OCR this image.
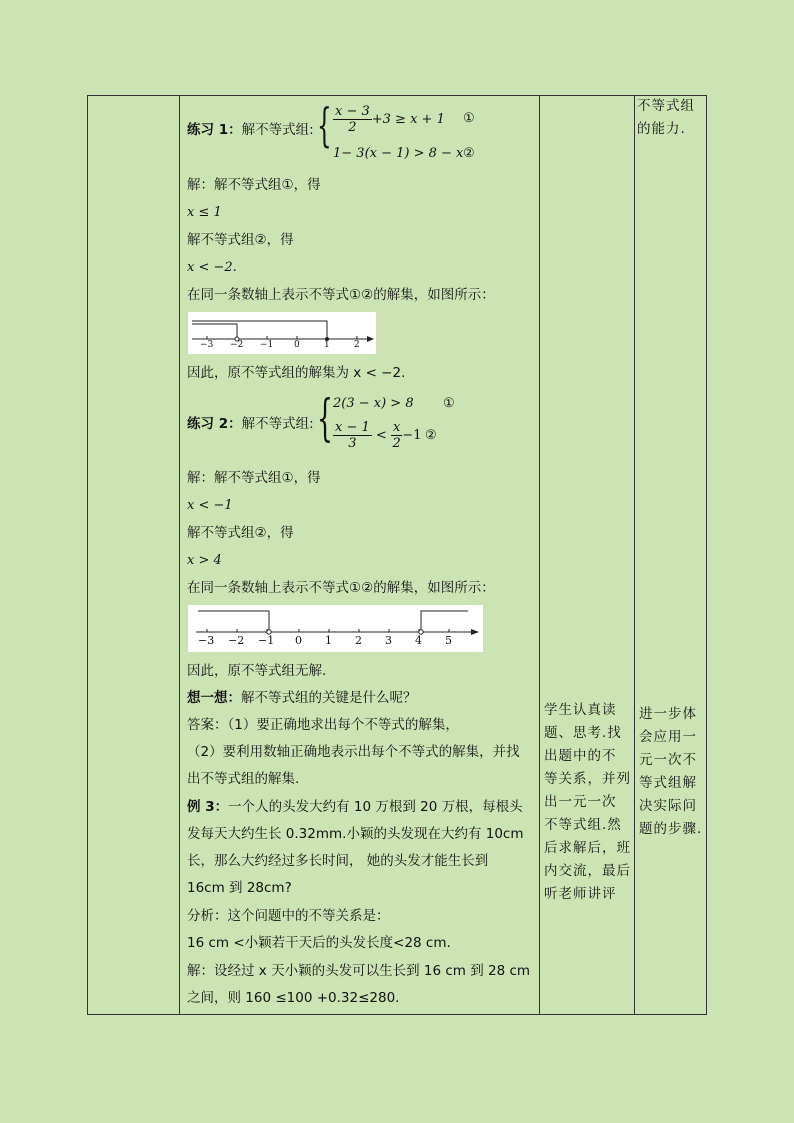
练习 1：解不等式组: { $\frac{x - 3}{2} +3 \ge x + 1$ ①
1− 3(x − 1) > 8 − x ②
解：解不等式组①，得
x ≤ 1
解不等式组②，得
x < −2.
在同一条数轴上表示不等式①②的解集，如图所示：
−3 −2 −1 0	1	2
因此，原不等式组的解集为 x < −2.
练习 2：解不等式组: { 2(3 − x) > 8 ①
$\frac{x - 1}{3} < \frac{x}{2} -1$ ②
解：解不等式组①，得
x < −1
解不等式组②，得
x > 4
在同一条数轴上表示不等式①②的解集，如图所示：
−3 −2 −1 0 1 2 3 4 5
因此，原不等式组无解.
想一想：解不等式组的关键是什么呢？
答案：（1）要正确地求出每个不等式的解集，
（2）要利用数轴正确地表示出每个不等式的解集，并找
出不等式组的解集.
例 3：一个人的头发大约有 10 万根到 20 万根，每根头
发每天大约生长 0.32mm.小颖的头发现在大约有 10cm
长，那么大约经过多长时间， 她的头发才能生长到
16cm 到 28cm?
分析：这个问题中的不等关系是：
16 cm <小颖若干天后的头发长度<28 cm.
解：设经过 x 天小颖的头发可以生长到 16 cm 到 28 cm
之间，则 160 ≤100 +0.32≤280.
学生认真读
题、思考.找
出题中的不
等关系，并列
出一元一次
不等式组.然
后求解后，班
内交流，最后
听老师讲评
不等式组
的能力.
进一步体
会应用一
元一次不
等式组解
决实际问
题的步骤.
